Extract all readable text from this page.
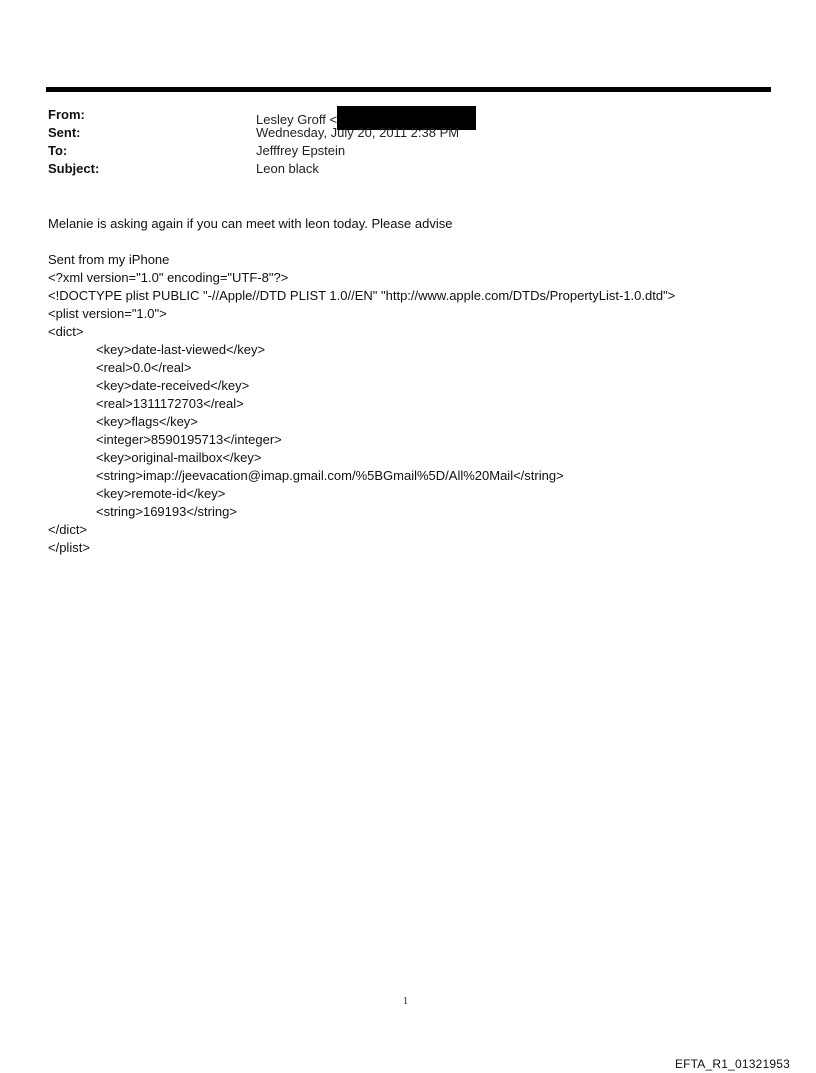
From:	Lesley Groff <
Sent:	Wednesday, July 20, 2011 2:38 PM
To:	Jefffrey Epstein
Subject:	Leon black
Melanie is asking again if you can meet with leon today. Please advise
Sent from my iPhone
<?xml version="1.0" encoding="UTF-8"?>
<!DOCTYPE plist PUBLIC "-//Apple//DTD PLIST 1.0//EN" "http://www.apple.com/DTDs/PropertyList-1.0.dtd">
<plist version="1.0">
<dict>
<key>date-last-viewed</key>
<real>0.0</real>
<key>date-received</key>
<real>1311172703</real>
<key>flags</key>
<integer>8590195713</integer>
<key>original-mailbox</key>
<string>imap://jeevacation@imap.gmail.com/%5BGmail%5D/All%20Mail</string>
<key>remote-id</key>
<string>169193</string>
</dict>
</plist>
1
EFTA_R1_01321953
